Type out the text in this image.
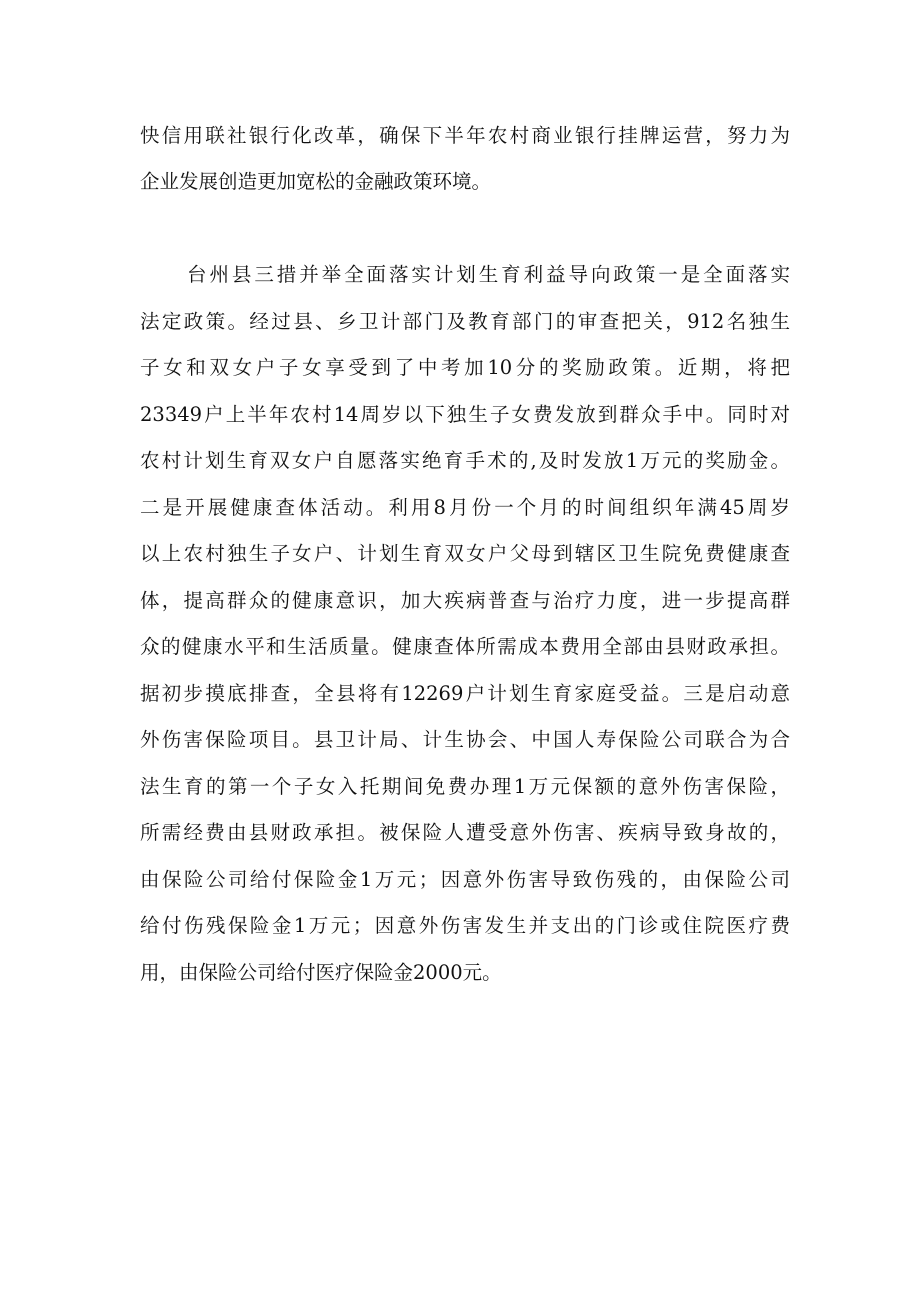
快信用联社银行化改革，确保下半年农村商业银行挂牌运营，努力为

企业发展创造更加宽松的金融政策环境。

台州县三措并举全面落实计划生育利益导向政策一是全面落实

法定政策。经过县、乡卫计部门及教育部门的审查把关，912名独生

子女和双女户子女享受到了中考加10分的奖励政策。近期，将把

23349户上半年农村14周岁以下独生子女费发放到群众手中。同时对

农村计划生育双女户自愿落实绝育手术的,及时发放1万元的奖励金。

二是开展健康查体活动。利用8月份一个月的时间组织年满45周岁

以上农村独生子女户、计划生育双女户父母到辖区卫生院免费健康查

体，提高群众的健康意识，加大疾病普查与治疗力度，进一步提高群

众的健康水平和生活质量。健康查体所需成本费用全部由县财政承担。

据初步摸底排查，全县将有12269户计划生育家庭受益。三是启动意

外伤害保险项目。县卫计局、计生协会、中国人寿保险公司联合为合

法生育的第一个子女入托期间免费办理1万元保额的意外伤害保险，

所需经费由县财政承担。被保险人遭受意外伤害、疾病导致身故的，

由保险公司给付保险金1万元；因意外伤害导致伤残的，由保险公司

给付伤残保险金1万元；因意外伤害发生并支出的门诊或住院医疗费

用，由保险公司给付医疗保险金2000元。
